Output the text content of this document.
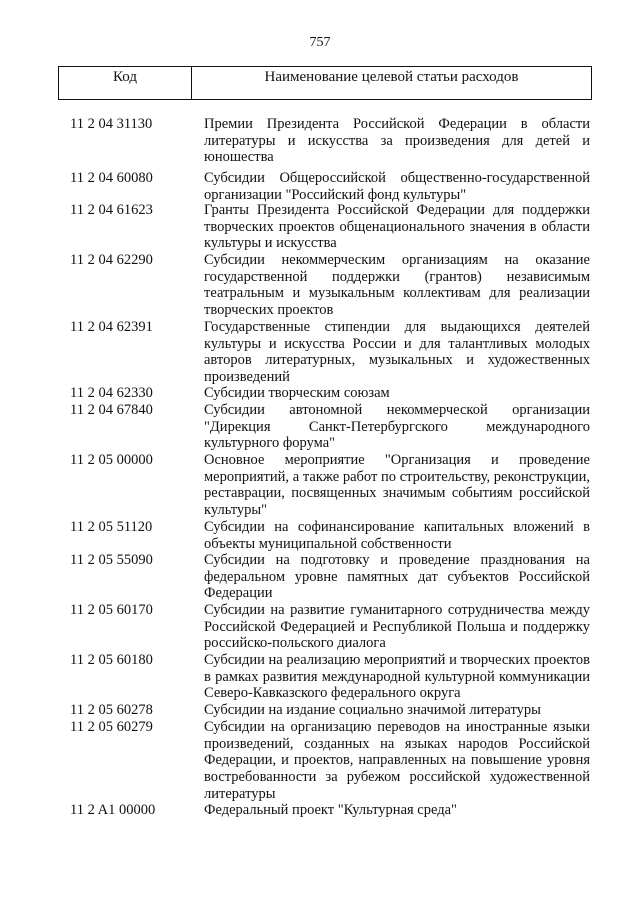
757
Код	Наименование целевой статьи расходов
11 2 04 31130	Премии Президента Российской Федерации в области литературы и искусства за произведения для детей и юношества
11 2 04 60080	Субсидии Общероссийской общественно-государственной организации "Российский фонд культуры"
11 2 04 61623	Гранты Президента Российской Федерации для поддержки творческих проектов общенационального значения в области культуры и искусства
11 2 04 62290	Субсидии некоммерческим организациям на оказание государственной поддержки (грантов) независимым театральным и музыкальным коллективам для реализации творческих проектов
11 2 04 62391	Государственные стипендии для выдающихся деятелей культуры и искусства России и для талантливых молодых авторов литературных, музыкальных и художественных произведений
11 2 04 62330	Субсидии творческим союзам
11 2 04 67840	Субсидии автономной некоммерческой организации "Дирекция Санкт-Петербургского международного культурного форума"
11 2 05 00000	Основное мероприятие "Организация и проведение мероприятий, а также работ по строительству, реконструкции, реставрации, посвященных значимым событиям российской культуры"
11 2 05 51120	Субсидии на софинансирование капитальных вложений в объекты муниципальной собственности
11 2 05 55090	Субсидии на подготовку и проведение празднования на федеральном уровне памятных дат субъектов Российской Федерации
11 2 05 60170	Субсидии на развитие гуманитарного сотрудничества между Российской Федерацией и Республикой Польша и поддержку российско-польского диалога
11 2 05 60180	Субсидии на реализацию мероприятий и творческих проектов в рамках развития международной культурной коммуникации Северо-Кавказского федерального округа
11 2 05 60278	Субсидии на издание социально значимой литературы
11 2 05 60279	Субсидии на организацию переводов на иностранные языки произведений, созданных на языках народов Российской Федерации, и проектов, направленных на повышение уровня востребованности за рубежом российской художественной литературы
11 2 A1 00000	Федеральный проект "Культурная среда"
